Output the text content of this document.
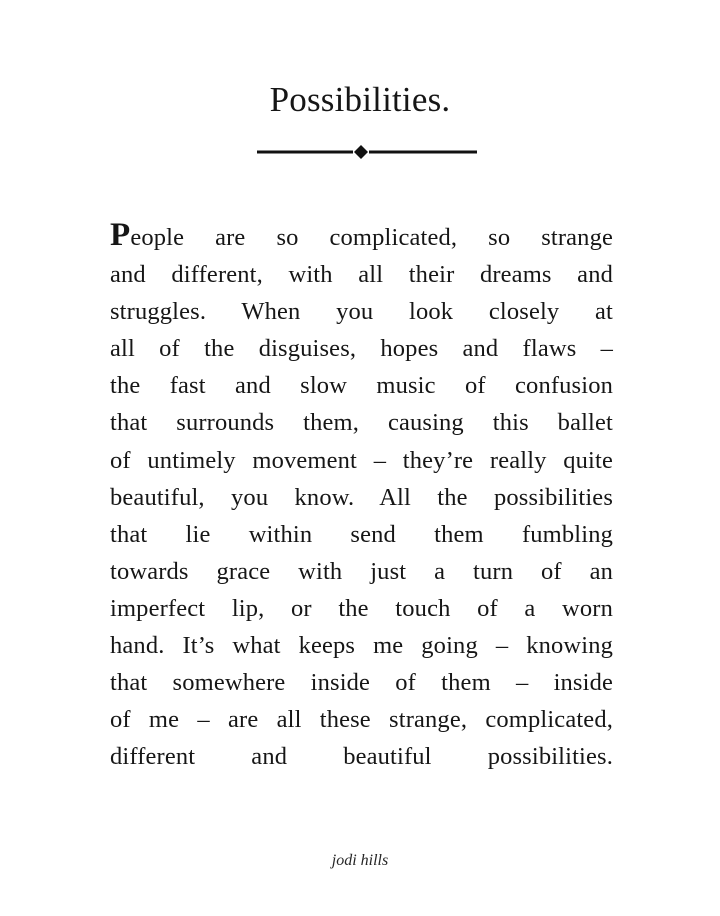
Possibilities.
People are so complicated, so strange
and different, with all their dreams and
struggles. When you look closely at
all of the disguises, hopes and flaws –
the fast and slow music of confusion
that surrounds them, causing this ballet
of untimely movement – they’re really quite
beautiful, you know. All the possibilities
that lie within send them fumbling
towards grace with just a turn of an
imperfect lip, or the touch of a worn
hand. It’s what keeps me going – knowing
that somewhere inside of them – inside
of me – are all these strange, complicated,
different and beautiful possibilities.

jodi hills
